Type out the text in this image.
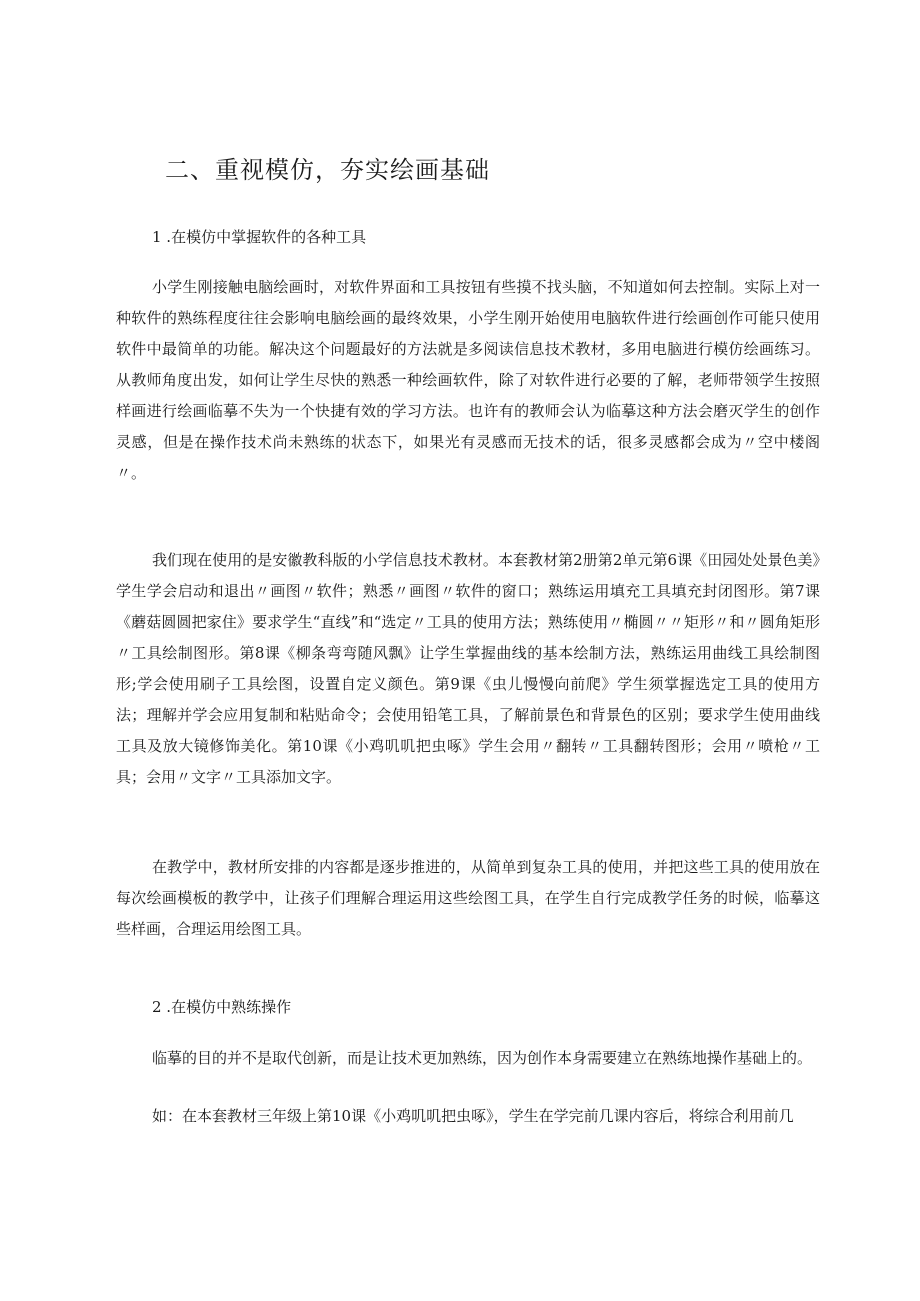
二、重视模仿，夯实绘画基础

1 .在模仿中掌握软件的各种工具

小学生刚接触电脑绘画时，对软件界面和工具按钮有些摸不找头脑，不知道如何去控制。实际上对一种软件的熟练程度往往会影响电脑绘画的最终效果，小学生刚开始使用电脑软件进行绘画创作可能只使用软件中最简单的功能。解决这个问题最好的方法就是多阅读信息技术教材，多用电脑进行模仿绘画练习。从教师角度出发，如何让学生尽快的熟悉一种绘画软件，除了对软件进行必要的了解，老师带领学生按照样画进行绘画临摹不失为一个快捷有效的学习方法。也许有的教师会认为临摹这种方法会磨灭学生的创作灵感，但是在操作技术尚未熟练的状态下，如果光有灵感而无技术的话，很多灵感都会成为〃空中楼阁〃。

我们现在使用的是安徽教科版的小学信息技术教材。本套教材第2册第2单元第6课《田园处处景色美》学生学会启动和退出〃画图〃软件；熟悉〃画图〃软件的窗口；熟练运用填充工具填充封闭图形。第7课《蘑菇圆圆把家住》要求学生“直线”和“选定〃工具的使用方法；熟练使用〃椭圆〃〃矩形〃和〃圆角矩形〃工具绘制图形。第8课《柳条弯弯随风飘》让学生掌握曲线的基本绘制方法，熟练运用曲线工具绘制图形;学会使用刷子工具绘图，设置自定义颜色。第9课《虫儿慢慢向前爬》学生须掌握选定工具的使用方法；理解并学会应用复制和粘贴命令；会使用铅笔工具，了解前景色和背景色的区别；要求学生使用曲线工具及放大镜修饰美化。第10课《小鸡叽叽把虫啄》学生会用〃翻转〃工具翻转图形；会用〃喷枪〃工具；会用〃文字〃工具添加文字。

在教学中，教材所安排的内容都是逐步推进的，从简单到复杂工具的使用，并把这些工具的使用放在每次绘画模板的教学中，让孩子们理解合理运用这些绘图工具，在学生自行完成教学任务的时候，临摹这些样画，合理运用绘图工具。

2 .在模仿中熟练操作

临摹的目的并不是取代创新，而是让技术更加熟练，因为创作本身需要建立在熟练地操作基础上的。

如：在本套教材三年级上第10课《小鸡叽叽把虫啄》，学生在学完前几课内容后，将综合利用前几
